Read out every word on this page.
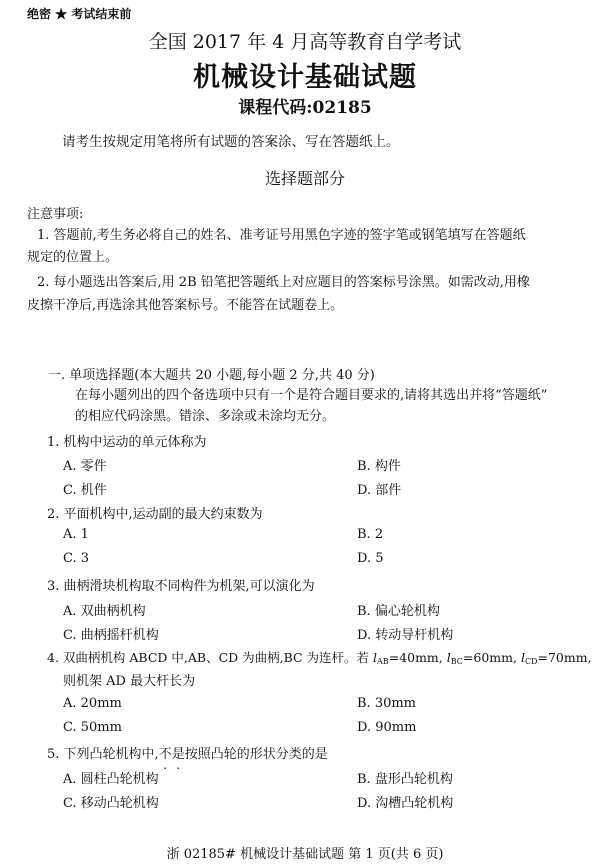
绝密 ★ 考试结束前
全国 2017 年 4 月高等教育自学考试
机械设计基础试题
课程代码:02185
请考生按规定用笔将所有试题的答案涂、写在答题纸上。
选择题部分
注意事项:
1. 答题前,考生务必将自己的姓名、准考证号用黑色字迹的签字笔或钢笔填写在答题纸
规定的位置上。
2. 每小题选出答案后,用 2B 铅笔把答题纸上对应题目的答案标号涂黑。如需改动,用橡
皮擦干净后,再选涂其他答案标号。不能答在试题卷上。
一. 单项选择题(本大题共 20 小题,每小题 2 分,共 40 分)
在每小题列出的四个备选项中只有一个是符合题目要求的,请将其选出并将“答题纸”
的相应代码涂黑。错涂、多涂或未涂均无分。
1. 机构中运动的单元体称为
A. 零件	B. 构件
C. 机件	D. 部件
2. 平面机构中,运动副的最大约束数为
A. 1	B. 2
C. 3	D. 5
3. 曲柄滑块机构取不同构件为机架,可以演化为
A. 双曲柄机构	B. 偏心轮机构
C. 曲柄摇杆机构	D. 转动导杆机构
4. 双曲柄机构 ABCD 中,AB、CD 为曲柄,BC 为连杆。若 $l_{AB}=40mm$, $l_{BC}=60mm$, $l_{CD}=70mm$,
则机架 AD 最大杆长为
A. 20mm	B. 30mm
C. 50mm	D. 90mm
5. 下列凸轮机构中,不是按照凸轮的形状分类的是
A. 圆柱凸轮机构	B. 盘形凸轮机构
C. 移动凸轮机构	D. 沟槽凸轮机构
浙 02185# 机械设计基础试题 第 1 页(共 6 页)
